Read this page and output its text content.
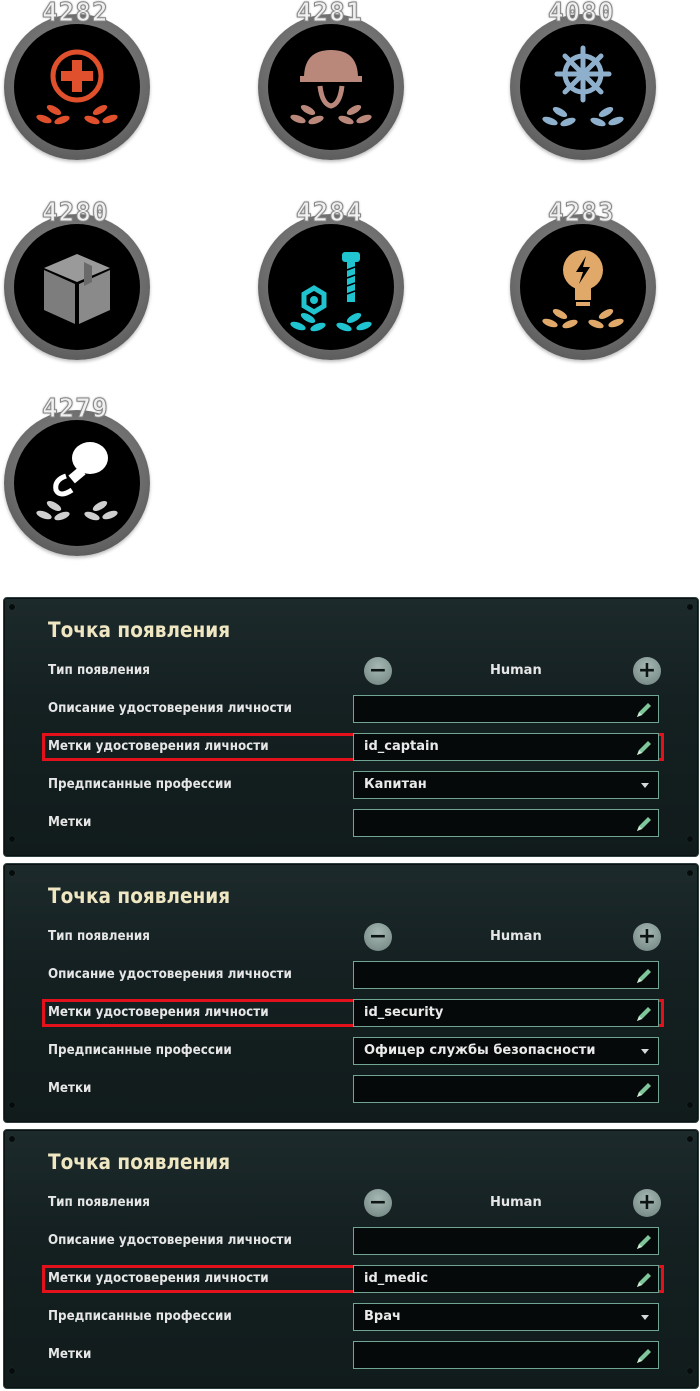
4282	4281	4080
4280	4284	4283
4279
Точка появления
Тип появления	−	Human	+
Описание удостоверения личности
Метки удостоверения личности	id_captain
Предписанные профессии	Капитан
Метки
Точка появления
Тип появления	−	Human	+
Описание удостоверения личности
Метки удостоверения личности	id_security
Предписанные профессии	Офицер службы безопасности
Метки
Точка появления
Тип появления	−	Human	+
Описание удостоверения личности
Метки удостоверения личности	id_medic
Предписанные профессии	Врач
Метки
